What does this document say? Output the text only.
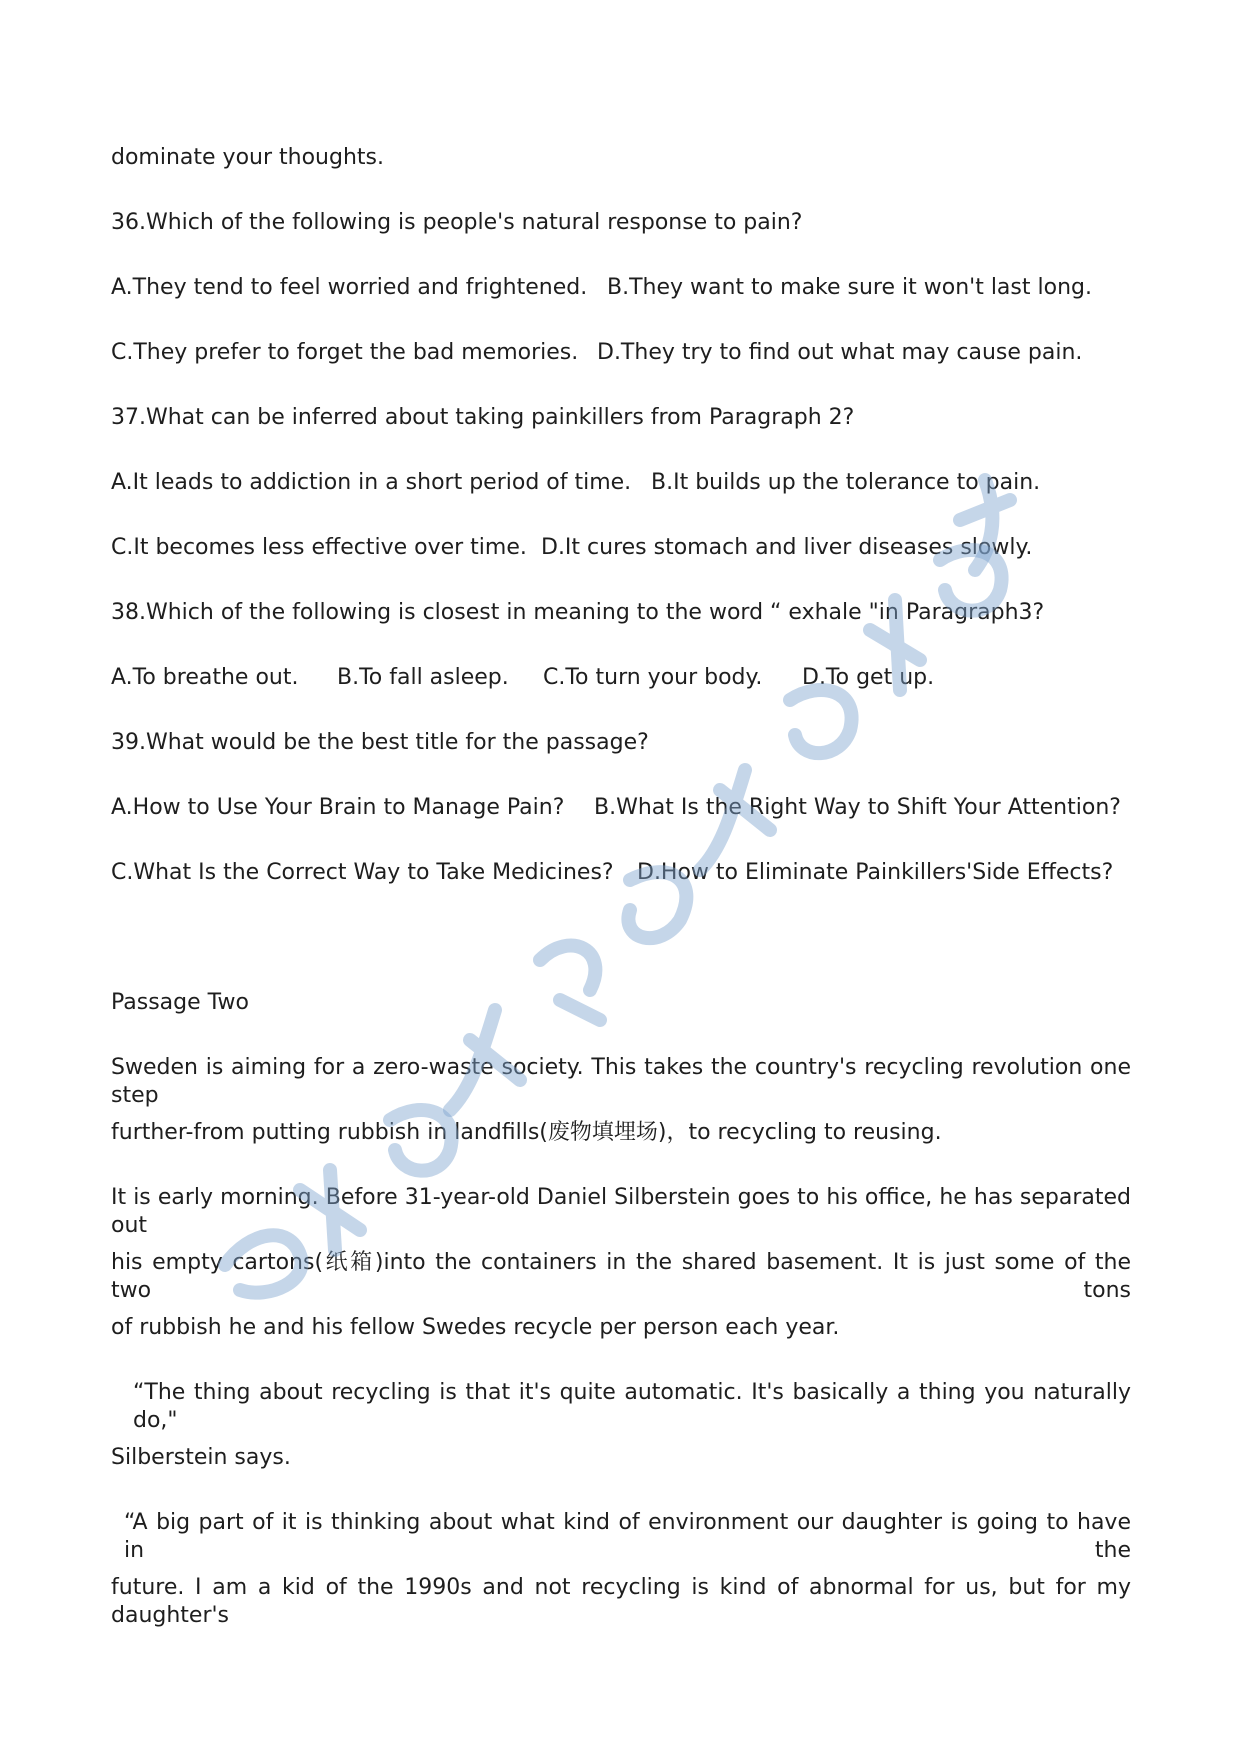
dominate your thoughts.
36.Which of the following is people's natural response to pain?
A.They tend to feel worried and frightened. B.They want to make sure it won't last long.
C.They prefer to forget the bad memories. D.They try to find out what may cause pain.
37.What can be inferred about taking painkillers from Paragraph 2?
A.It leads to addiction in a short period of time. B.It builds up the tolerance to pain.
C.It becomes less effective over time. D.It cures stomach and liver diseases slowly.
38.Which of the following is closest in meaning to the word “ exhale "in Paragraph3?
A.To breathe out. B.To fall asleep. C.To turn your body. D.To get up.
39.What would be the best title for the passage?
A.How to Use Your Brain to Manage Pain? B.What Is the Right Way to Shift Your Attention?
C.What Is the Correct Way to Take Medicines? D.How to Eliminate Painkillers'Side Effects?
Passage Two
Sweden is aiming for a zero-waste society. This takes the country's recycling revolution one step
further-from putting rubbish in landfills(废物填埋场)，to recycling to reusing.
It is early morning. Before 31-year-old Daniel Silberstein goes to his office, he has separated out
his empty cartons(纸箱)into the containers in the shared basement. It is just some of the two tons
of rubbish he and his fellow Swedes recycle per person each year.
“The thing about recycling is that it's quite automatic. It's basically a thing you naturally do,"
Silberstein says.
“A big part of it is thinking about what kind of environment our daughter is going to have in the
future. I am a kid of the 1990s and not recycling is kind of abnormal for us, but for my daughter's
